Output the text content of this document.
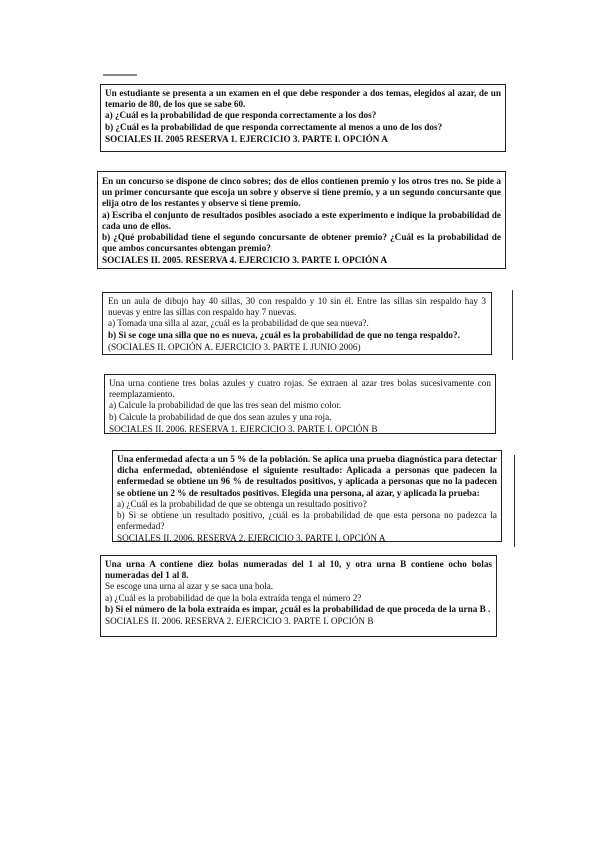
Un estudiante se presenta a un examen en el que debe responder a dos temas, elegidos al azar, de un temario de 80, de los que se sabe 60.

a) ¿Cuál es la probabilidad de que responda correctamente a los dos?

b) ¿Cuál es la probabilidad de que responda correctamente al menos a uno de los dos?

SOCIALES II. 2005 RESERVA 1. EJERCICIO 3. PARTE I. OPCIÓN A

En un concurso se dispone de cinco sobres; dos de ellos contienen premio y los otros tres no. Se pide a un primer concursante que escoja un sobre y observe si tiene premio, y a un segundo concursante que elija otro de los restantes y observe si tiene premio.

a) Escriba el conjunto de resultados posibles asociado a este experimento e indique la probabilidad de cada uno de ellos.

b) ¿Qué probabilidad tiene el segundo concursante de obtener premio? ¿Cuál es la probabilidad de que ambos concursantes obtengan premio?

SOCIALES II. 2005. RESERVA 4. EJERCICIO 3. PARTE I. OPCIÓN A

En un aula de dibujo hay 40 sillas, 30 con respaldo y 10 sin él. Entre las sillas sin respaldo hay 3 nuevas y entre las sillas con respaldo hay 7 nuevas.

a) Tomada una silla al azar, ¿cuál es la probabilidad de que sea nueva?.

b) Si se coge una silla que no es nueva, ¿cuál es la probabilidad de que no tenga respaldo?.

(SOCIALES II. OPCIÓN A. EJERCICIO 3. PARTE I. JUNIO 2006)

Una urna contiene tres bolas azules y cuatro rojas. Se extraen al azar tres bolas sucesivamente con reemplazamiento.

a) Calcule la probabilidad de que las tres sean del mismo color.

b) Calcule la probabilidad de que dos sean azules y una roja.

SOCIALES II. 2006. RESERVA 1. EJERCICIO 3. PARTE I. OPCIÓN B

Una enfermedad afecta a un 5 % de la población. Se aplica una prueba diagnóstica para detectar dicha enfermedad, obteniéndose el siguiente resultado: Aplicada a personas que padecen la enfermedad se obtiene un 96 % de resultados positivos, y aplicada a personas que no la padecen se obtiene un 2 % de resultados positivos. Elegida una persona, al azar, y aplicada la prueba:

a) ¿Cuál es la probabilidad de que se obtenga un resultado positivo?

b) Si se obtiene un resultado positivo, ¿cuál es la probabilidad de que esta persona no padezca la enfermedad?

SOCIALES II. 2006. RESERVA 2. EJERCICIO 3. PARTE I. OPCIÓN A

Una urna A contiene diez bolas numeradas del 1 al 10, y otra urna B contiene ocho bolas numeradas del 1 al 8.

Se escoge una urna al azar y se saca una bola.

a) ¿Cuál es la probabilidad de que la bola extraída tenga el número 2?

b) Si el número de la bola extraída es impar, ¿cuál es la probabilidad de que proceda de la urna B .

SOCIALES II. 2006. RESERVA 2. EJERCICIO 3. PARTE I. OPCIÓN B
